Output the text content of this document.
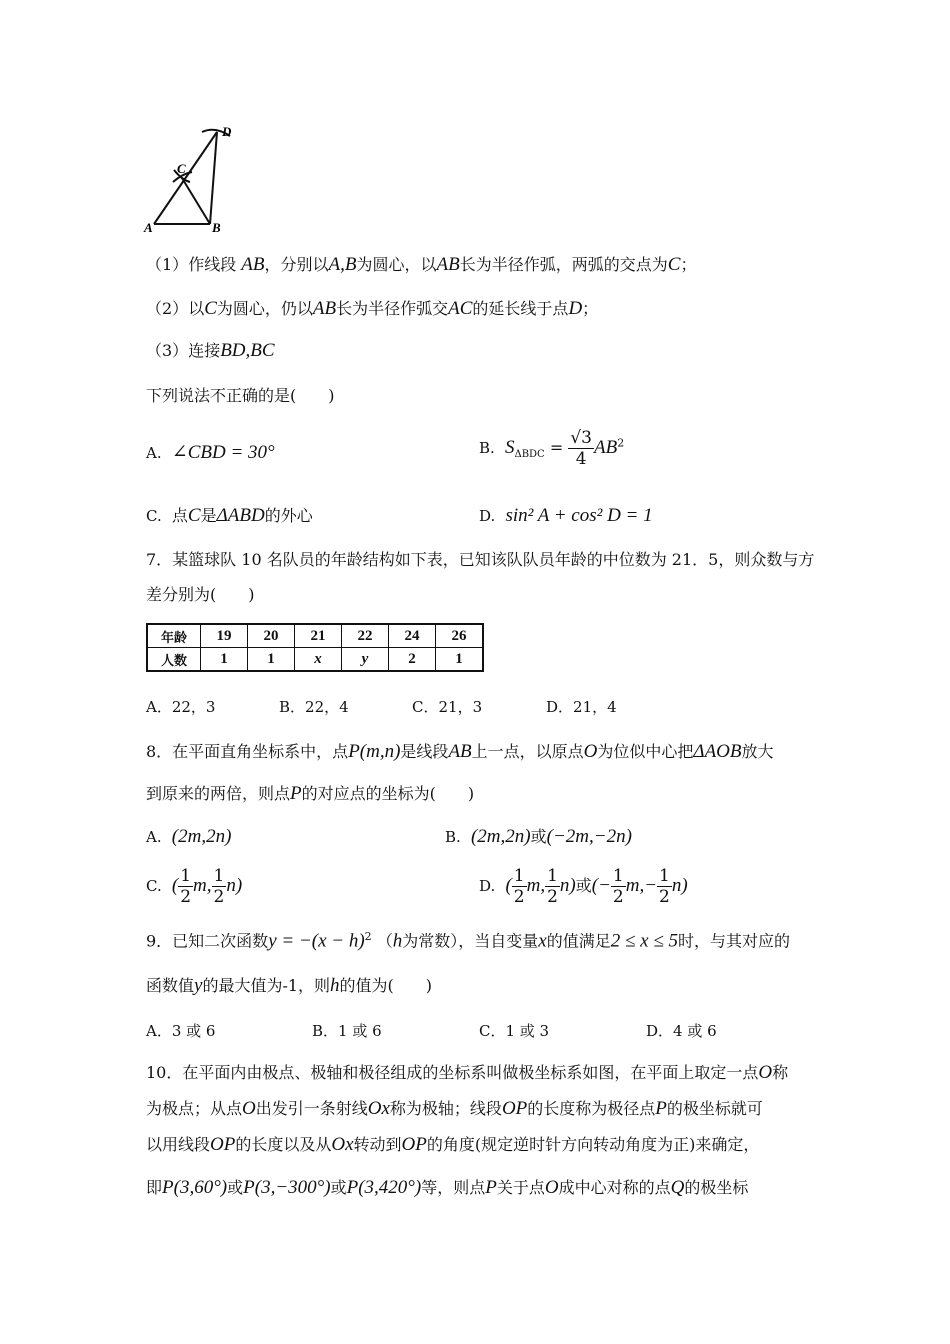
D
C
A	B
（1）作线段 AB，分别以A,B为圆心，以AB长为半径作弧，两弧的交点为C；
（2）以C为圆心，仍以AB长为半径作弧交AC的延长线于点D；
（3）连接BD,BC
下列说法不正确的是(　　)
A. ∠CBD = 30°	B. $S_{\Delta BDC} = \frac{√3}{4} AB^2$
C. 点C是ΔABD的外心	D. sin² A + cos² D = 1
7．某篮球队 10 名队员的年龄结构如下表，已知该队队员年龄的中位数为 21．5，则众数与方
差分别为(　　)
年龄	19	20	21	22	24	26
人数	1	1	x	y	2	1
A．22，3	B．22，4	C．21，3	D．21，4
8．在平面直角坐标系中，点P(m,n)是线段AB上一点，以原点O为位似中心把ΔAOB放大
到原来的两倍，则点P的对应点的坐标为(　　)
A. (2m,2n)	B. (2m,2n)或(−2m,−2n)
C. ( $\frac{1}{2} m$, $\frac{1}{2} n$)	D. ( $\frac{1}{2} m$, $\frac{1}{2} n$)或(− $\frac{1}{2} m,- \frac{1}{2} n$)
9．已知二次函数$y = -(x - h)^2$ （h为常数），当自变量x的值满足2 ≤ x ≤ 5时，与其对应的
函数值y的最大值为-1，则h的值为(　　)
A．3 或 6	B．1 或 6	C．1 或 3	D．4 或 6
10．在平面内由极点、极轴和极径组成的坐标系叫做极坐标系如图，在平面上取定一点O称
为极点；从点O出发引一条射线Ox称为极轴；线段OP的长度称为极径点P的极坐标就可
以用线段OP的长度以及从Ox转动到OP的角度(规定逆时针方向转动角度为正)来确定，
即P(3,60°)或P(3,−300°)或P(3,420°)等，则点P关于点O成中心对称的点Q的极坐标
